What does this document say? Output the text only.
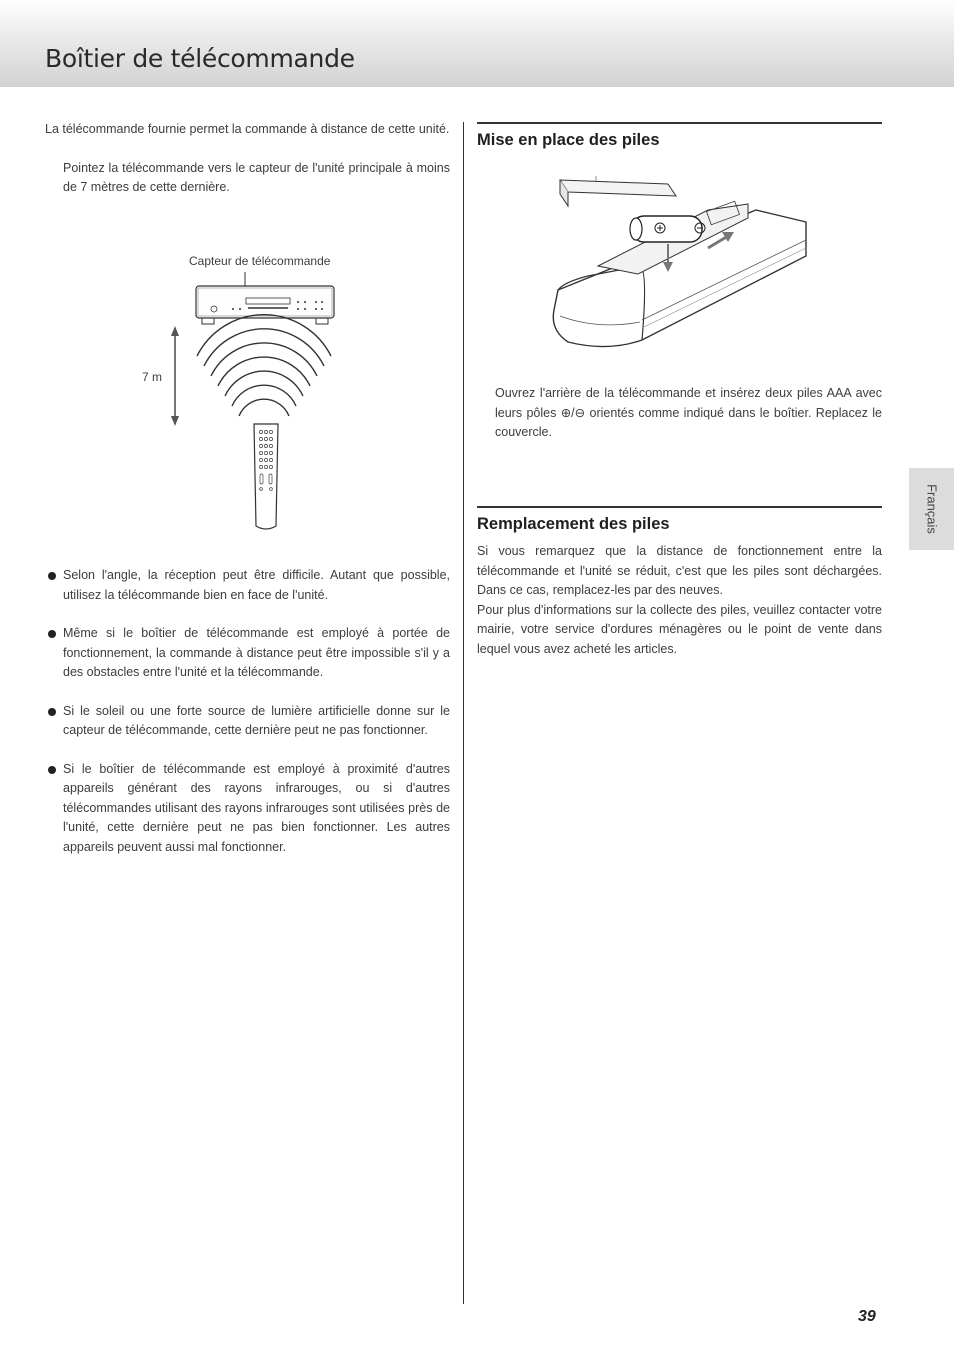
Boîtier de télécommande

La télécommande fournie permet la commande à distance de cette unité.

Pointez la télécommande vers le capteur de l'unité principale à moins de 7 mètres de cette dernière.

Capteur de télécommande
7 m
Selon l'angle, la réception peut être difficile. Autant que possible, utilisez la télécommande bien en face de l'unité.
Même si le boîtier de télécommande est employé à portée de fonctionnement, la commande à distance peut être impossible s'il y a des obstacles entre l'unité et la télécommande.
Si le soleil ou une forte source de lumière artificielle donne sur le capteur de télécommande, cette dernière peut ne pas fonctionner.
Si le boîtier de télécommande est employé à proximité d'autres appareils générant des rayons infrarouges, ou si d'autres télécommandes utilisant des rayons infrarouges sont utilisées près de l'unité, cette dernière peut ne pas bien fonctionner. Les autres appareils peuvent aussi mal fonctionner.
Mise en place des piles

Ouvrez l'arrière de la télécommande et insérez deux piles AAA avec leurs pôles ⊕/⊖ orientés comme indiqué dans le boîtier. Replacez le couvercle.

Remplacement des piles

Si vous remarquez que la distance de fonctionnement entre la télécommande et l'unité se réduit, c'est que les piles sont déchargées. Dans ce cas, remplacez-les par des neuves.

Pour plus d'informations sur la collecte des piles, veuillez contacter votre mairie, votre service d'ordures ménagères ou le point de vente dans lequel vous avez acheté les articles.

Français
39
